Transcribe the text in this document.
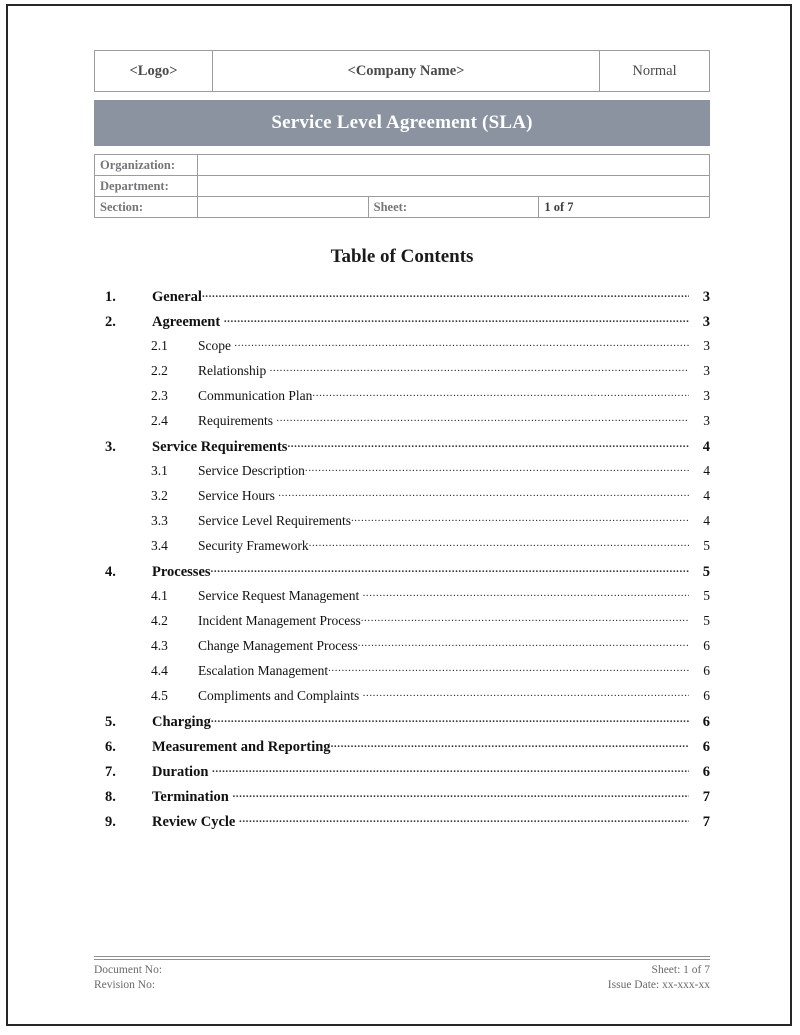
<Logo>	<Company Name>	Normal
Service Level Agreement (SLA)
Organization:			
Department:			
Section:		Sheet:	1 of 7
Table of Contents
1.	General .....	3
2.	Agreement .....	3
2.1	Scope .....	3
2.2	Relationship .....	3
2.3	Communication Plan .....	3
2.4	Requirements .....	3
3.	Service Requirements .....	4
3.1	Service Description .....	4
3.2	Service Hours .....	4
3.3	Service Level Requirements .....	4
3.4	Security Framework .....	5
4.	Processes .....	5
4.1	Service Request Management .....	5
4.2	Incident Management Process .....	5
4.3	Change Management Process .....	6
4.4	Escalation Management .....	6
4.5	Compliments and Complaints .....	6
5.	Charging .....	6
6.	Measurement and Reporting .....	6
7.	Duration .....	6
8.	Termination .....	7
9.	Review Cycle .....	7
Document No:	Sheet: 1 of 7
Revision No:	Issue Date: xx-xxx-xx
